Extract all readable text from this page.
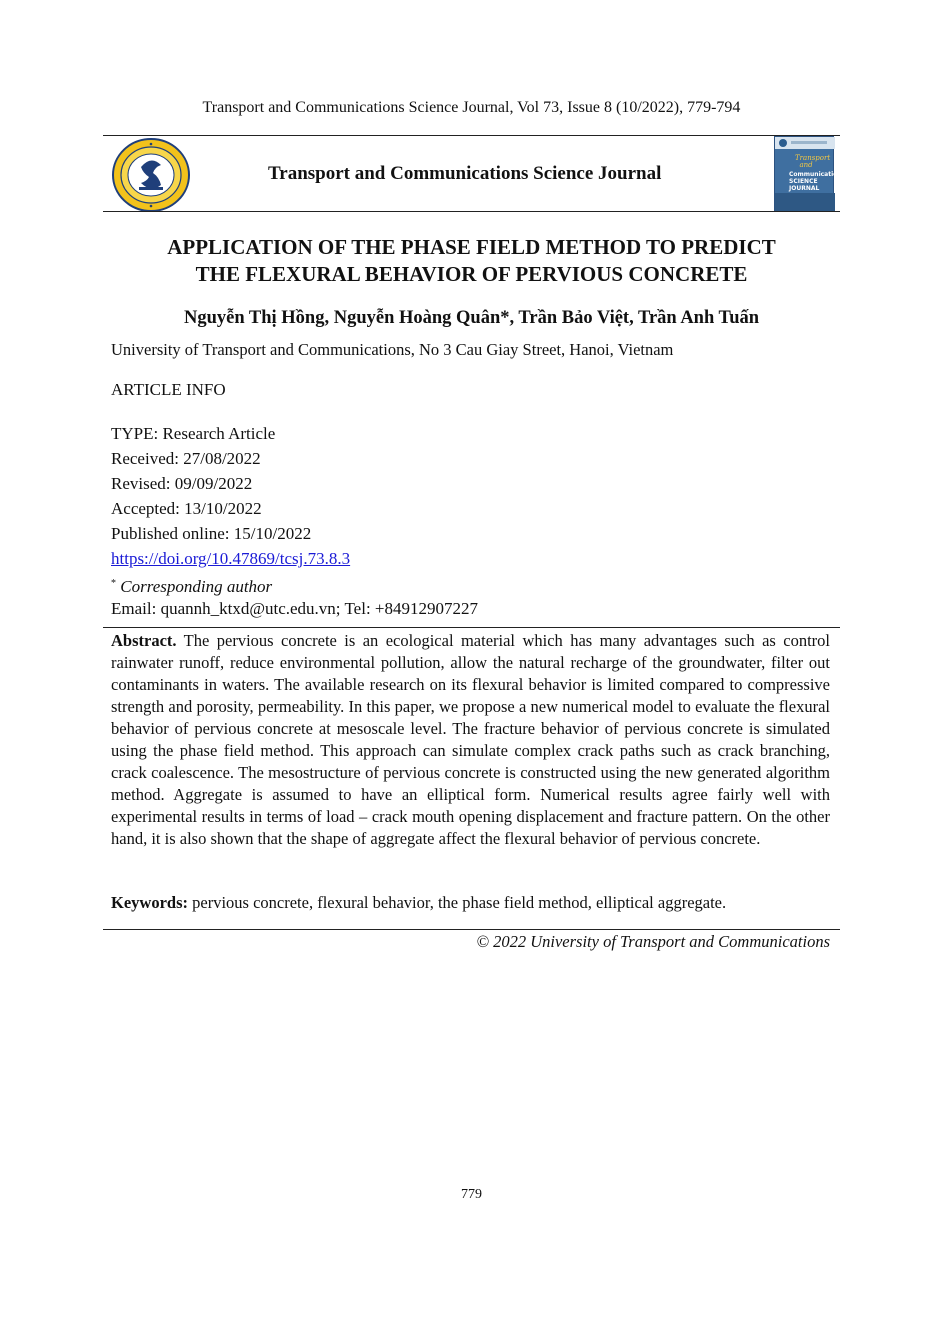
Transport and Communications Science Journal, Vol 73, Issue 8 (10/2022), 779-794
Transport and Communications Science Journal
Transport
and
Communications
SCIENCE JOURNAL
APPLICATION OF THE PHASE FIELD METHOD TO PREDICT
THE FLEXURAL BEHAVIOR OF PERVIOUS CONCRETE
Nguyễn Thị Hồng, Nguyễn Hoàng Quân*, Trần Bảo Việt, Trần Anh Tuấn
University of Transport and Communications, No 3 Cau Giay Street, Hanoi, Vietnam
ARTICLE INFO
TYPE: Research Article
Received: 27/08/2022
Revised: 09/09/2022
Accepted: 13/10/2022
Published online: 15/10/2022
https://doi.org/10.47869/tcsj.73.8.3
* Corresponding author
Email: quannh_ktxd@utc.edu.vn; Tel: +84912907227
Abstract. The pervious concrete is an ecological material which has many advantages such as control rainwater runoff, reduce environmental pollution, allow the natural recharge of the groundwater, filter out contaminants in waters. The available research on its flexural behavior is limited compared to compressive strength and porosity, permeability. In this paper, we propose a new numerical model to evaluate the flexural behavior of pervious concrete at mesoscale level. The fracture behavior of pervious concrete is simulated using the phase field method. This approach can simulate complex crack paths such as crack branching, crack coalescence. The mesostructure of pervious concrete is constructed using the new generated algorithm method. Aggregate is assumed to have an elliptical form. Numerical results agree fairly well with experimental results in terms of load – crack mouth opening displacement and fracture pattern. On the other hand, it is also shown that the shape of aggregate affect the flexural behavior of pervious concrete.
Keywords: pervious concrete, flexural behavior, the phase field method, elliptical aggregate.
© 2022 University of Transport and Communications
779
